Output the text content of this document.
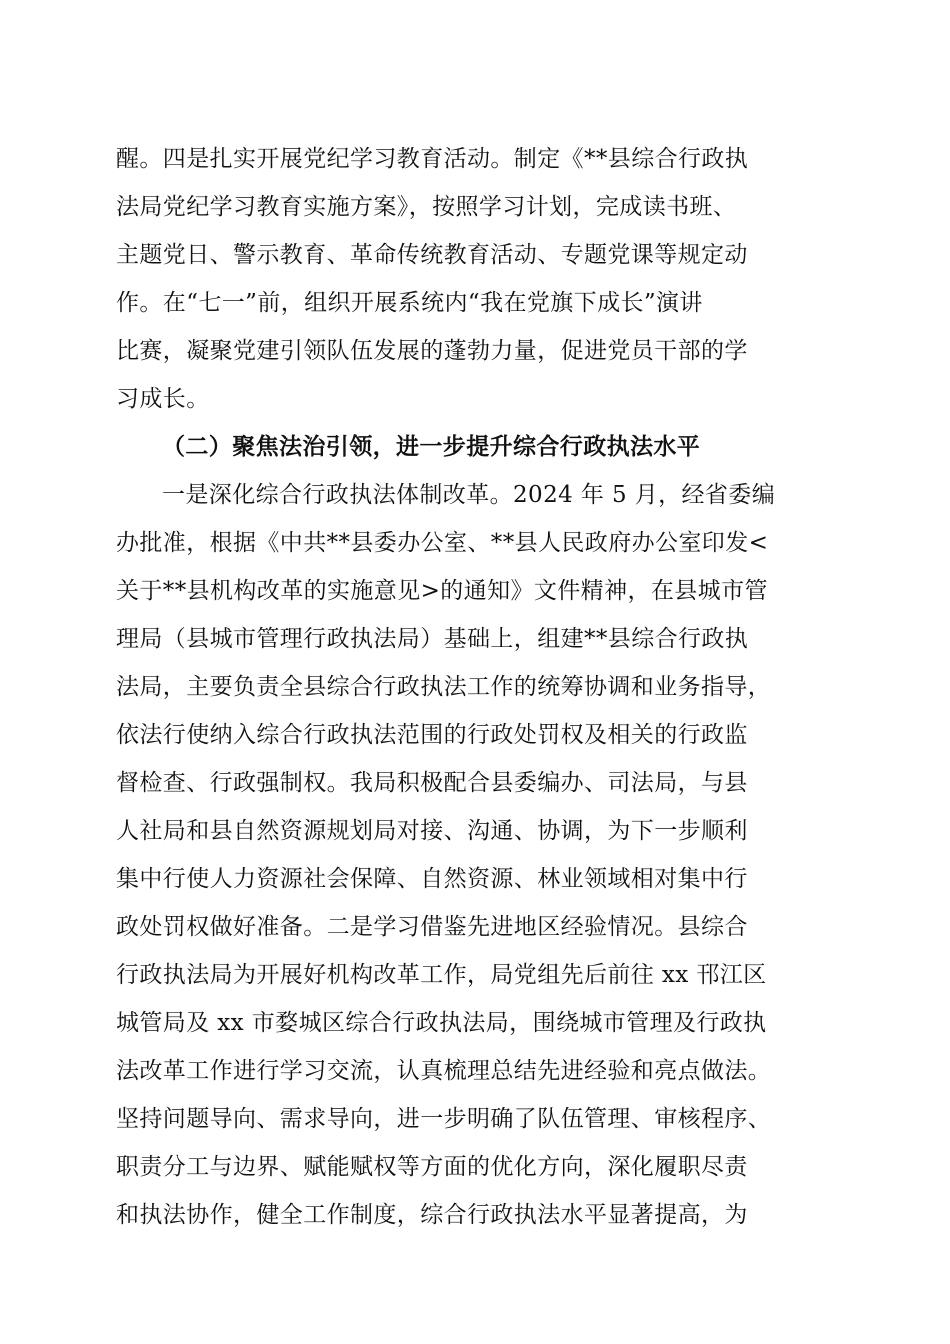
醒。四是扎实开展党纪学习教育活动。制定《**县综合行政执
法局党纪学习教育实施方案》，按照学习计划，完成读书班、
主题党日、警示教育、革命传统教育活动、专题党课等规定动
作。在“七一”前，组织开展系统内“我在党旗下成长”演讲
比赛，凝聚党建引领队伍发展的蓬勃力量，促进党员干部的学
习成长。
（二）聚焦法治引领，进一步提升综合行政执法水平
一是深化综合行政执法体制改革。2024 年 5 月，经省委编
办批准，根据《中共**县委办公室、**县人民政府办公室印发<
关于**县机构改革的实施意见>的通知》文件精神，在县城市管
理局（县城市管理行政执法局）基础上，组建**县综合行政执
法局，主要负责全县综合行政执法工作的统筹协调和业务指导，
依法行使纳入综合行政执法范围的行政处罚权及相关的行政监
督检查、行政强制权。我局积极配合县委编办、司法局，与县
人社局和县自然资源规划局对接、沟通、协调，为下一步顺利
集中行使人力资源社会保障、自然资源、林业领域相对集中行
政处罚权做好准备。二是学习借鉴先进地区经验情况。县综合
行政执法局为开展好机构改革工作，局党组先后前往 xx 邗江区
城管局及 xx 市婺城区综合行政执法局，围绕城市管理及行政执
法改革工作进行学习交流，认真梳理总结先进经验和亮点做法。
坚持问题导向、需求导向，进一步明确了队伍管理、审核程序、
职责分工与边界、赋能赋权等方面的优化方向，深化履职尽责
和执法协作，健全工作制度，综合行政执法水平显著提高，为
